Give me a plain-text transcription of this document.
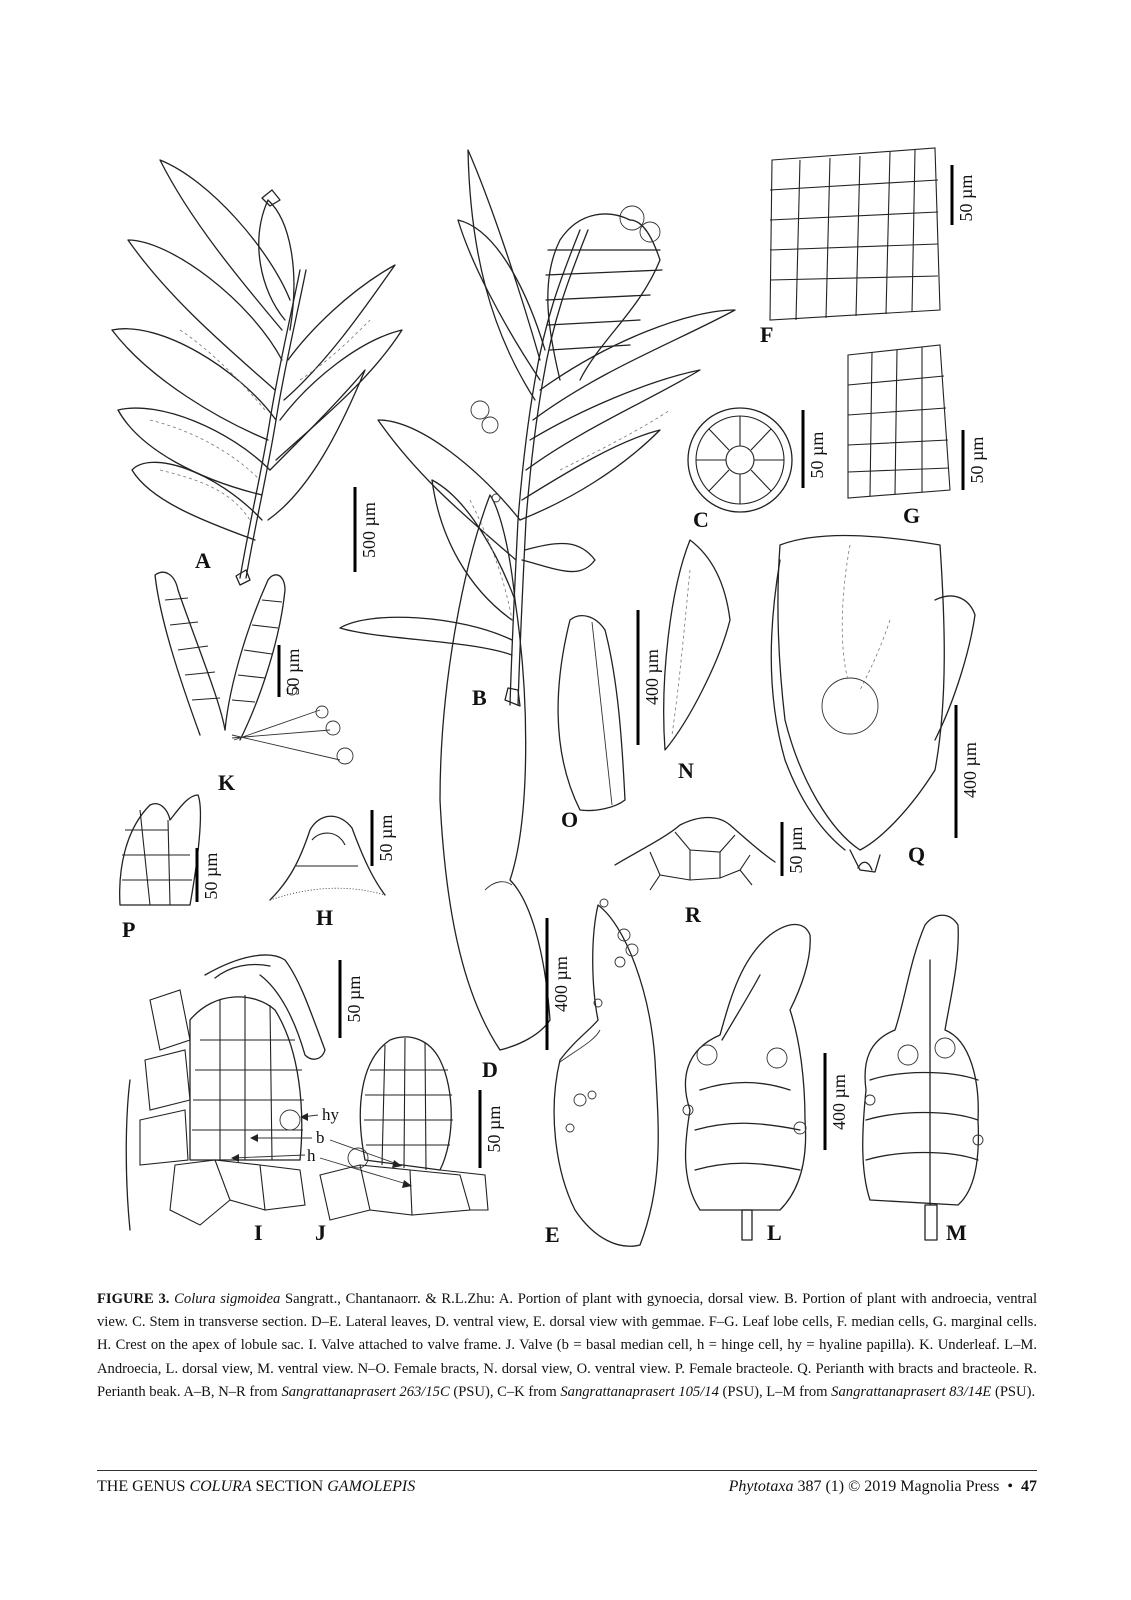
A
500 µm
B
C
50 µm
F
50 µm
G
50 µm
K
50 µm
N
O
400 µm
Q
400 µm
P
50 µm
H
50 µm
D
R
50 µm
I
50 µm
hy
b
h
J
50 µm
E
400 µm
L
400 µm
M
FIGURE 3. Colura sigmoidea Sangratt., Chantanaorr. & R.L.Zhu: A. Portion of plant with gynoecia, dorsal view. B. Portion of plant with androecia, ventral view. C. Stem in transverse section. D–E. Lateral leaves, D. ventral view, E. dorsal view with gemmae. F–G. Leaf lobe cells, F. median cells, G. marginal cells. H. Crest on the apex of lobule sac. I. Valve attached to valve frame. J. Valve (b = basal median cell, h = hinge cell, hy = hyaline papilla). K. Underleaf. L–M. Androecia, L. dorsal view, M. ventral view. N–O. Female bracts, N. dorsal view, O. ventral view. P. Female bracteole. Q. Perianth with bracts and bracteole. R. Perianth beak. A–B, N–R from Sangrattanaprasert 263/15C (PSU), C–K from Sangrattanaprasert 105/14 (PSU), L–M from Sangrattanaprasert 83/14E (PSU).
THE GENUS COLURA SECTION GAMOLEPIS	Phytotaxa 387 (1) © 2019 Magnolia Press • 47
